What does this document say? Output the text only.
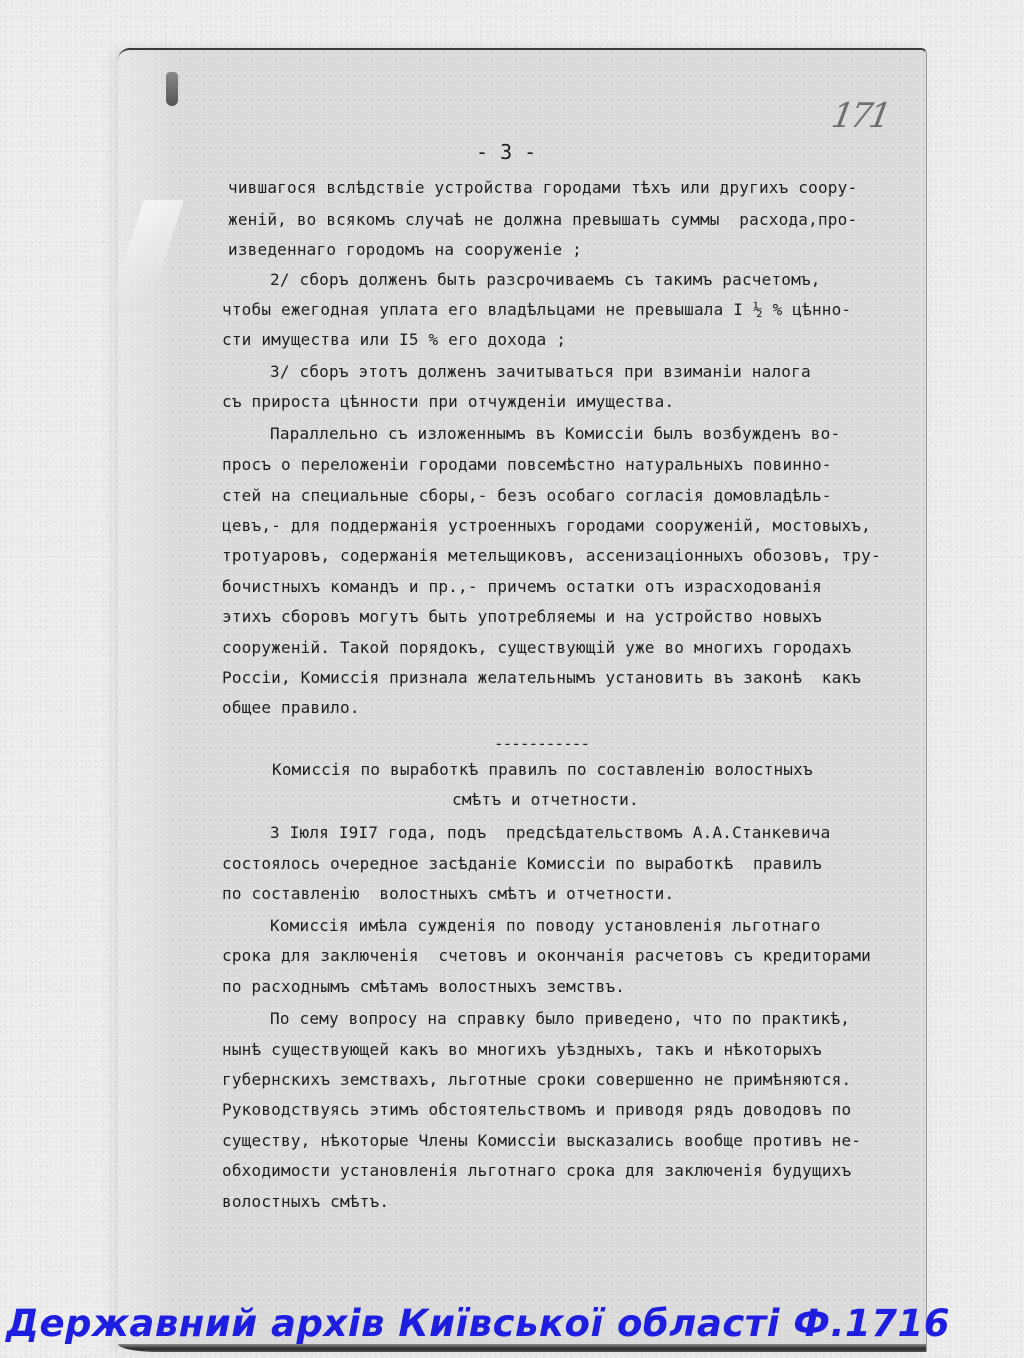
171
- 3 -
чившагося вслѣдствіе устройства городами тѣхъ или другихъ соору-
женій, во всякомъ случаѣ не должна превышать суммы  расхода,про-
изведеннаго городомъ на сооруженіе ;
2/ сборъ долженъ быть разсрочиваемъ съ такимъ расчетомъ,
чтобы ежегодная уплата его владѣльцами не превышала I ½ % цѣнно-
сти имущества или I5 % его дохода ;
3/ сборъ этотъ долженъ зачитываться при взиманіи налога
съ прироста цѣнности при отчужденіи имущества.
Параллельно съ изложеннымъ въ Комиссіи былъ возбужденъ во-
просъ о переложеніи городами повсемѣстно натуральныхъ повинно-
стей на специальные сборы,- безъ особаго согласія домовладѣль-
цевъ,- для поддержанія устроенныхъ городами сооруженій, мостовыхъ,
тротуаровъ, содержанія метельщиковъ, ассенизаціонныхъ обозовъ, тру-
бочистныхъ командъ и пр.,- причемъ остатки отъ израсходованія
этихъ сборовъ могутъ быть употребляемы и на устройство новыхъ
сооруженій. Такой порядокъ, существующій уже во многихъ городахъ
Россіи, Комиссія признала желательнымъ установить въ законѣ  какъ
общее правило.
-----------
Комиссія по выработкѣ правилъ по составленію волостныхъ
смѣтъ и отчетности.
3 Іюля I9I7 года, подъ  предсѣдательствомъ А.А.Станкевича
состоялось очередное засѣданіе Комиссіи по выработкѣ  правилъ
по составленію  волостныхъ смѣтъ и отчетности.
Комиссія имѣла сужденія по поводу установленія льготнаго
срока для заключенія  счетовъ и окончанія расчетовъ съ кредиторами
по расходнымъ смѣтамъ волостныхъ земствъ.
По сему вопросу на справку было приведено, что по практикѣ,
нынѣ существующей какъ во многихъ уѣздныхъ, такъ и нѣкоторыхъ
губернскихъ земствахъ, льготные сроки совершенно не примѣняются.
Руководствуясь этимъ обстоятельствомъ и приводя рядъ доводовъ по
существу, нѣкоторые Члены Комиссіи высказались вообще противъ не-
обходимости установленія льготнаго срока для заключенія будущихъ
волостныхъ смѣтъ.
Державний архів Київської області Ф.1716
